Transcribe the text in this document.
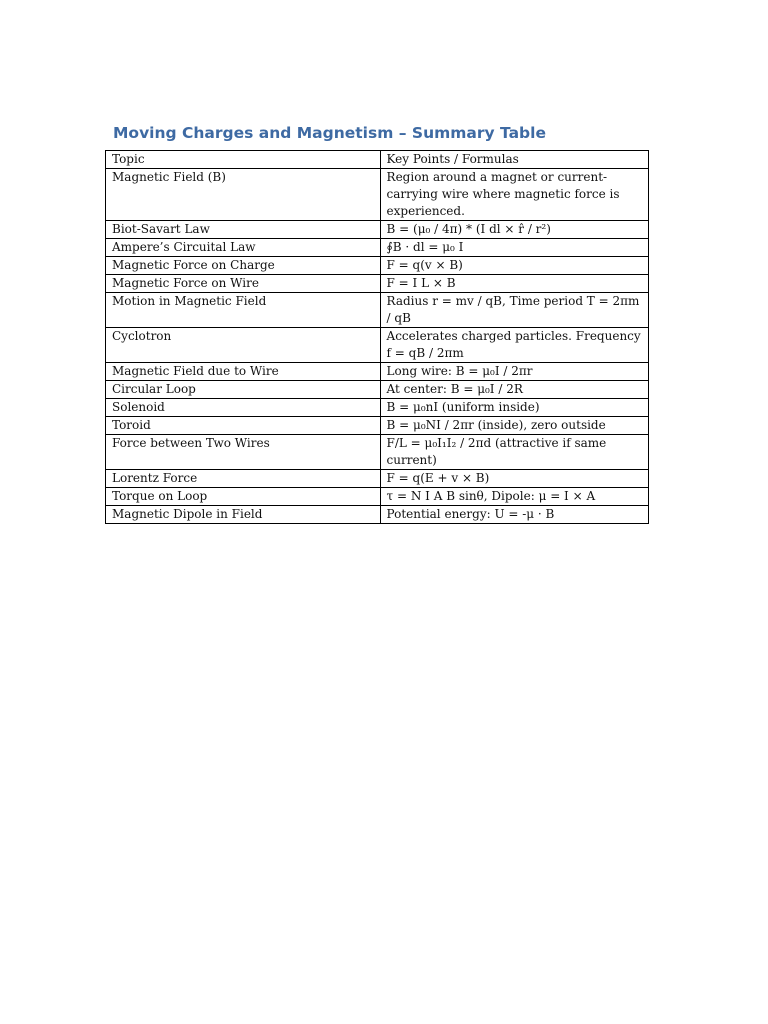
Moving Charges and Magnetism – Summary Table
Topic	Key Points / Formulas
Magnetic Field (B)	Region around a magnet or current-carrying wire where magnetic force is experienced.
Biot-Savart Law	B = (μ₀ / 4π) * (I dl × r̂ / r²)
Ampere’s Circuital Law	∮B · dl = μ₀ I
Magnetic Force on Charge	F = q(v × B)
Magnetic Force on Wire	F = I L × B
Motion in Magnetic Field	Radius r = mv / qB, Time period T = 2πm / qB
Cyclotron	Accelerates charged particles. Frequency f = qB / 2πm
Magnetic Field due to Wire	Long wire: B = μ₀I / 2πr
Circular Loop	At center: B = μ₀I / 2R
Solenoid	B = μ₀nI (uniform inside)
Toroid	B = μ₀NI / 2πr (inside), zero outside
Force between Two Wires	F/L = μ₀I₁I₂ / 2πd (attractive if same current)
Lorentz Force	F = q(E + v × B)
Torque on Loop	τ = N I A B sinθ, Dipole: μ = I × A
Magnetic Dipole in Field	Potential energy: U = -μ · B
